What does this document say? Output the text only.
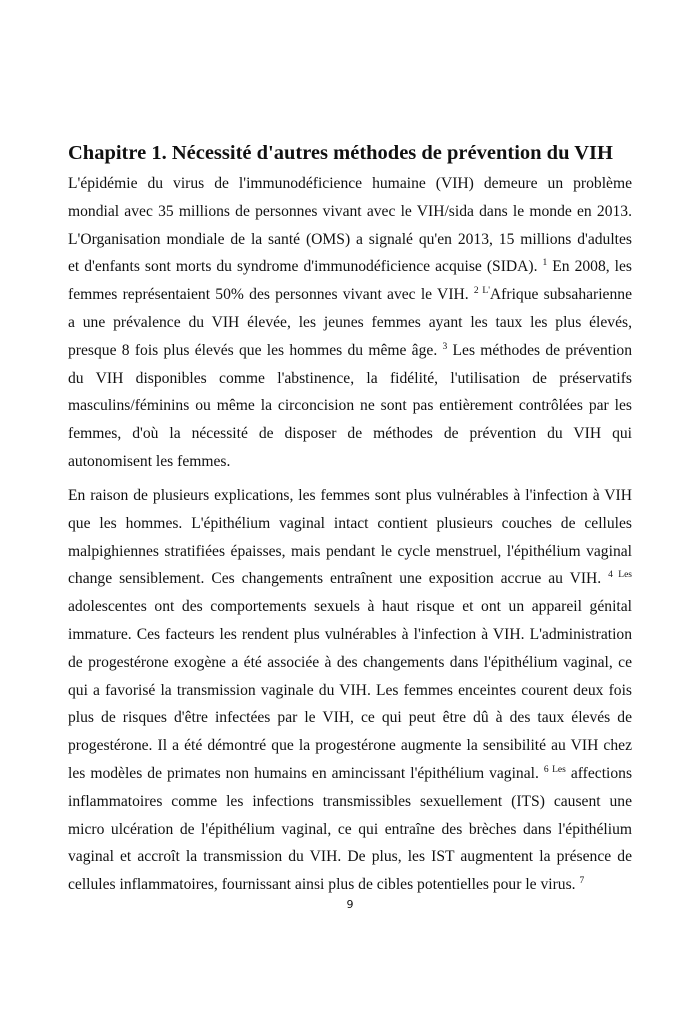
Chapitre 1. Nécessité d'autres méthodes de prévention du VIH
L'épidémie du virus de l'immunodéficience humaine (VIH) demeure un problème
mondial avec 35 millions de personnes vivant avec le VIH/sida dans le monde en 2013.
L'Organisation mondiale de la santé (OMS) a signalé qu'en 2013, 15 millions d'adultes
et d'enfants sont morts du syndrome d'immunodéficience acquise (SIDA). $^1$ En 2008, les
femmes représentaient 50% des personnes vivant avec le VIH. $^{2 L'}$Afrique subsaharienne
a une prévalence du VIH élevée, les jeunes femmes ayant les taux les plus élevés,
presque 8 fois plus élevés que les hommes du même âge. $^3$ Les méthodes de prévention
du VIH disponibles comme l'abstinence, la fidélité, l'utilisation de préservatifs
masculins/féminins ou même la circoncision ne sont pas entièrement contrôlées par les
femmes, d'où la nécessité de disposer de méthodes de prévention du VIH qui
autonomisent les femmes.
En raison de plusieurs explications, les femmes sont plus vulnérables à l'infection à VIH
que les hommes. L'épithélium vaginal intact contient plusieurs couches de cellules
malpighiennes stratifiées épaisses, mais pendant le cycle menstruel, l'épithélium vaginal
change sensiblement. Ces changements entraînent une exposition accrue au VIH. $^{4 Les}$
adolescentes ont des comportements sexuels à haut risque et ont un appareil génital
immature. Ces facteurs les rendent plus vulnérables à l'infection à VIH. L'administration
de progestérone exogène a été associée à des changements dans l'épithélium vaginal, ce
qui a favorisé la transmission vaginale du VIH. Les femmes enceintes courent deux fois
plus de risques d'être infectées par le VIH, ce qui peut être dû à des taux élevés de
progestérone. Il a été démontré que la progestérone augmente la sensibilité au VIH chez
les modèles de primates non humains en amincissant l'épithélium vaginal. $^{6 Les}$ affections
inflammatoires comme les infections transmissibles sexuellement (ITS) causent une
micro ulcération de l'épithélium vaginal, ce qui entraîne des brèches dans l'épithélium
vaginal et accroît la transmission du VIH. De plus, les IST augmentent la présence de
cellules inflammatoires, fournissant ainsi plus de cibles potentielles pour le virus. $^7$
9
